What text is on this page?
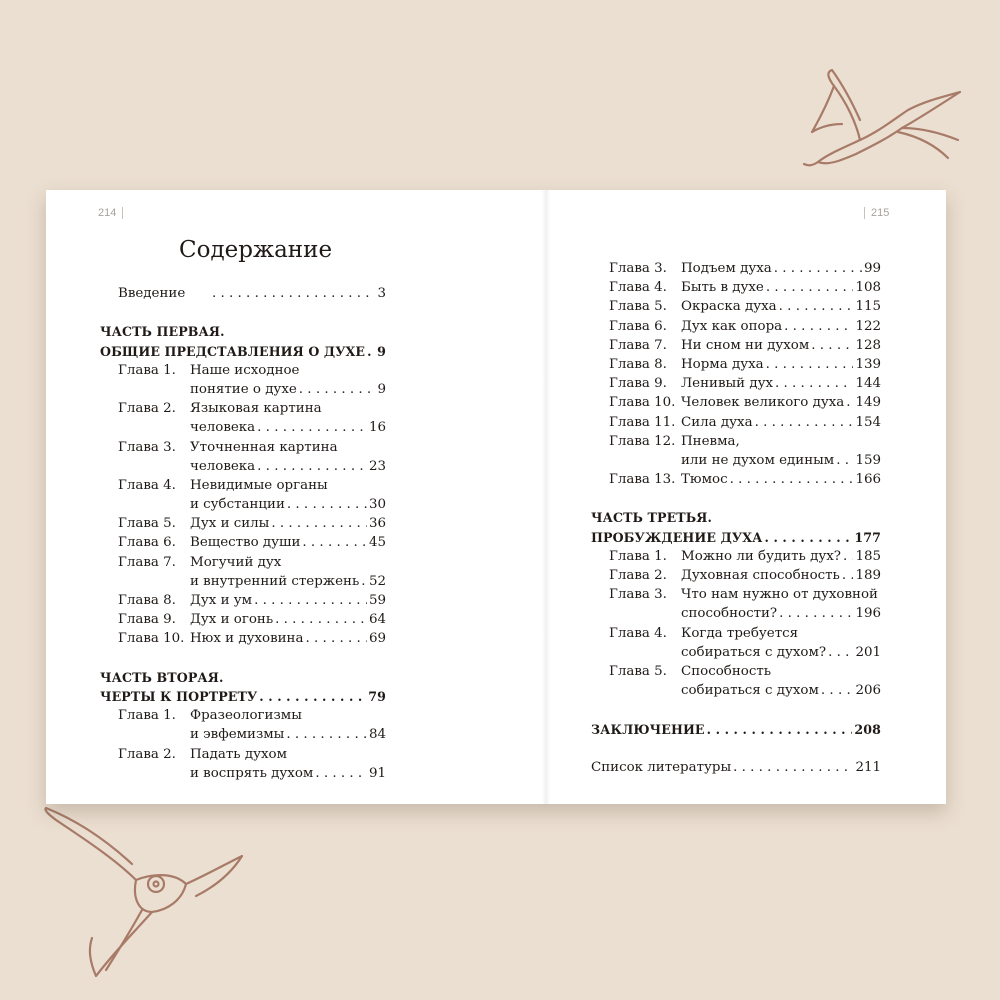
214	215
Содержание
Введение . . .	3
ЧАСТЬ ПЕРВАЯ.
ОБЩИЕ ПРЕДСТАВЛЕНИЯ О ДУХЕ . . . 9
Глава 1.	Наше исходное
понятие о духе . . .	9
Глава 2.	Языковая картина
человека . . .	16
Глава 3.	Уточненная картина
человека . . .	23
Глава 4.	Невидимые органы
и субстанции . . .	30
Глава 5.	Дух и силы . . .	36
Глава 6.	Вещество души . . .	45
Глава 7.	Могучий дух
и внутренний стержень . . . 52
Глава 8.	Дух и ум . . .	59
Глава 9.	Дух и огонь . . .	64
Глава 10. Нюх и духовина . . .	69
ЧАСТЬ ВТОРАЯ.
ЧЕРТЫ К ПОРТРЕТУ . . .	79
Глава 1.	Фразеологизмы
и эвфемизмы . . .	84
Глава 2.	Падать духом
и воспрять духом . . .	91
Глава 3.	Подъем духа . . .	99
Глава 4.	Быть в духе . . .	108
Глава 5.	Окраска духа . . .	115
Глава 6.	Дух как опора . . .	122
Глава 7.	Ни сном ни духом . . .	128
Глава 8.	Норма духа . . .	139
Глава 9.	Ленивый дух . . .	144
Глава 10. Человек великого духа . . . 149
Глава 11. Сила духа . . .	154
Глава 12. Пневма,
или не духом единым . . . 159
Глава 13. Тюмос . . .	166
ЧАСТЬ ТРЕТЬЯ.
ПРОБУЖДЕНИЕ ДУХА . . .	177
Глава 1.	Можно ли будить дух? . . . 185
Глава 2.	Духовная способность . . . 189
Глава 3.	Что нам нужно от духовной
способности? . . .	196
Глава 4.	Когда требуется
собираться с духом? . . . 201
Глава 5.	Способность
собираться с духом . . .	206
ЗАКЛЮЧЕНИЕ . . .	208
Список литературы . . .	211
